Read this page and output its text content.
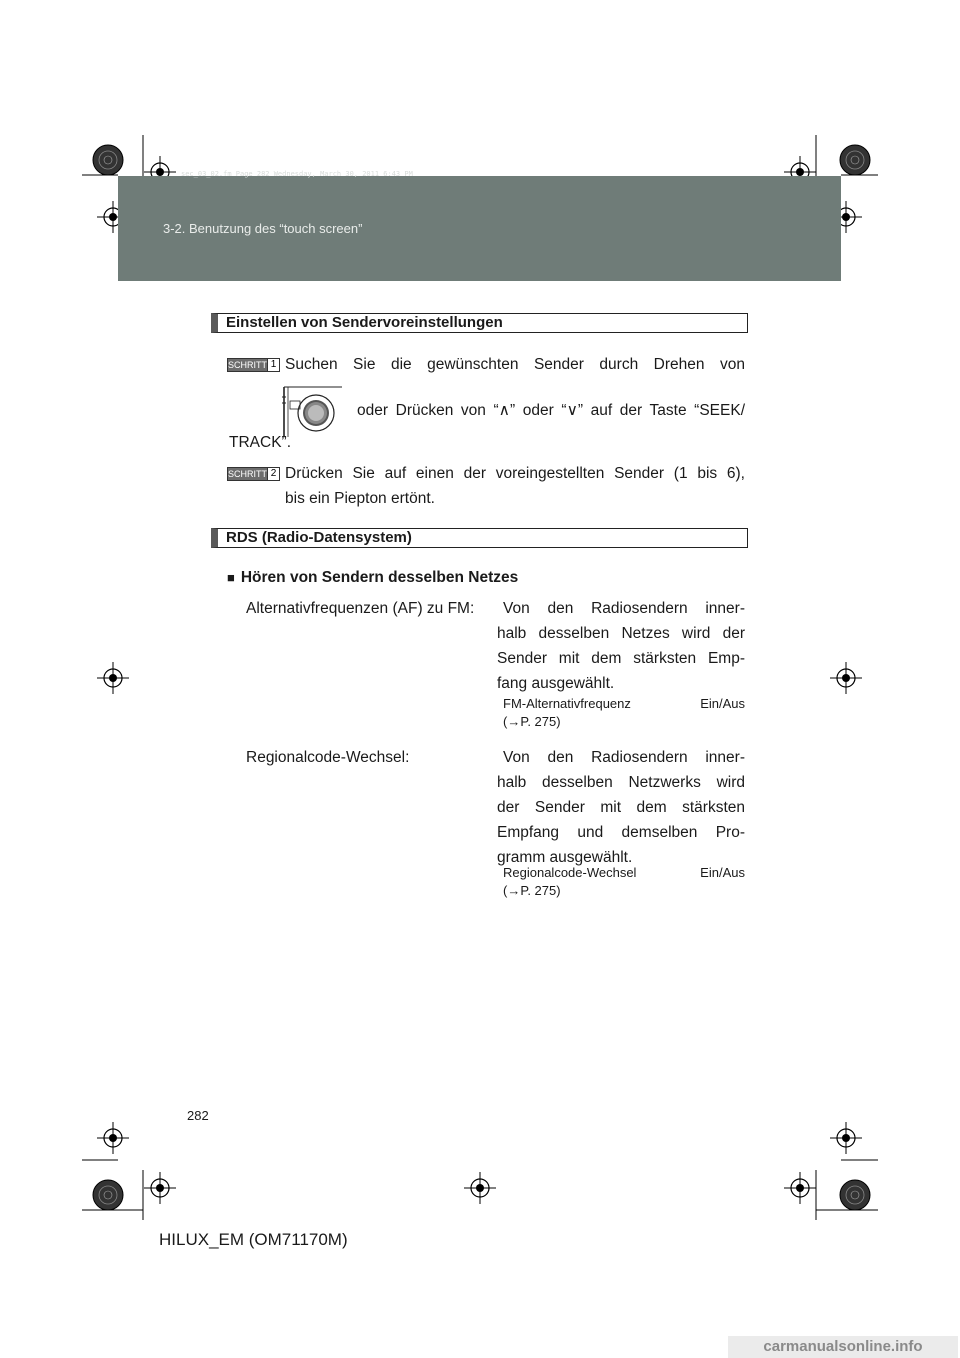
sec_03_02.fm Page 282 Wednesday, March 30, 2011 6:43 PM
3-2. Benutzung des “touch screen”
Einstellen von Sendervoreinstellungen
SCHRITT 1 Suchen Sie die gewünschten Sender durch Drehen von
oder Drücken von “∧” oder “∨” auf der Taste “SEEK/
TRACK”.
SCHRITT 2 Drücken Sie auf einen der voreingestellten Sender (1 bis 6),
bis ein Piepton ertönt.
RDS (Radio-Datensystem)
■ Hören von Sendern desselben Netzes
Alternativfrequenzen (AF) zu FM: Von den Radiosendern inner-
halb desselben Netzes wird der
Sender mit dem stärksten Emp-
fang ausgewählt.
FM-Alternativfrequenz Ein/Aus
(→P. 275)
Regionalcode-Wechsel:	Von den Radiosendern inner-
halb desselben Netzwerks wird
der Sender mit dem stärksten
Empfang und demselben Pro-
gramm ausgewählt.
Regionalcode-Wechsel Ein/Aus
(→P. 275)
282
HILUX_EM (OM71170M)
carmanualsonline.info
